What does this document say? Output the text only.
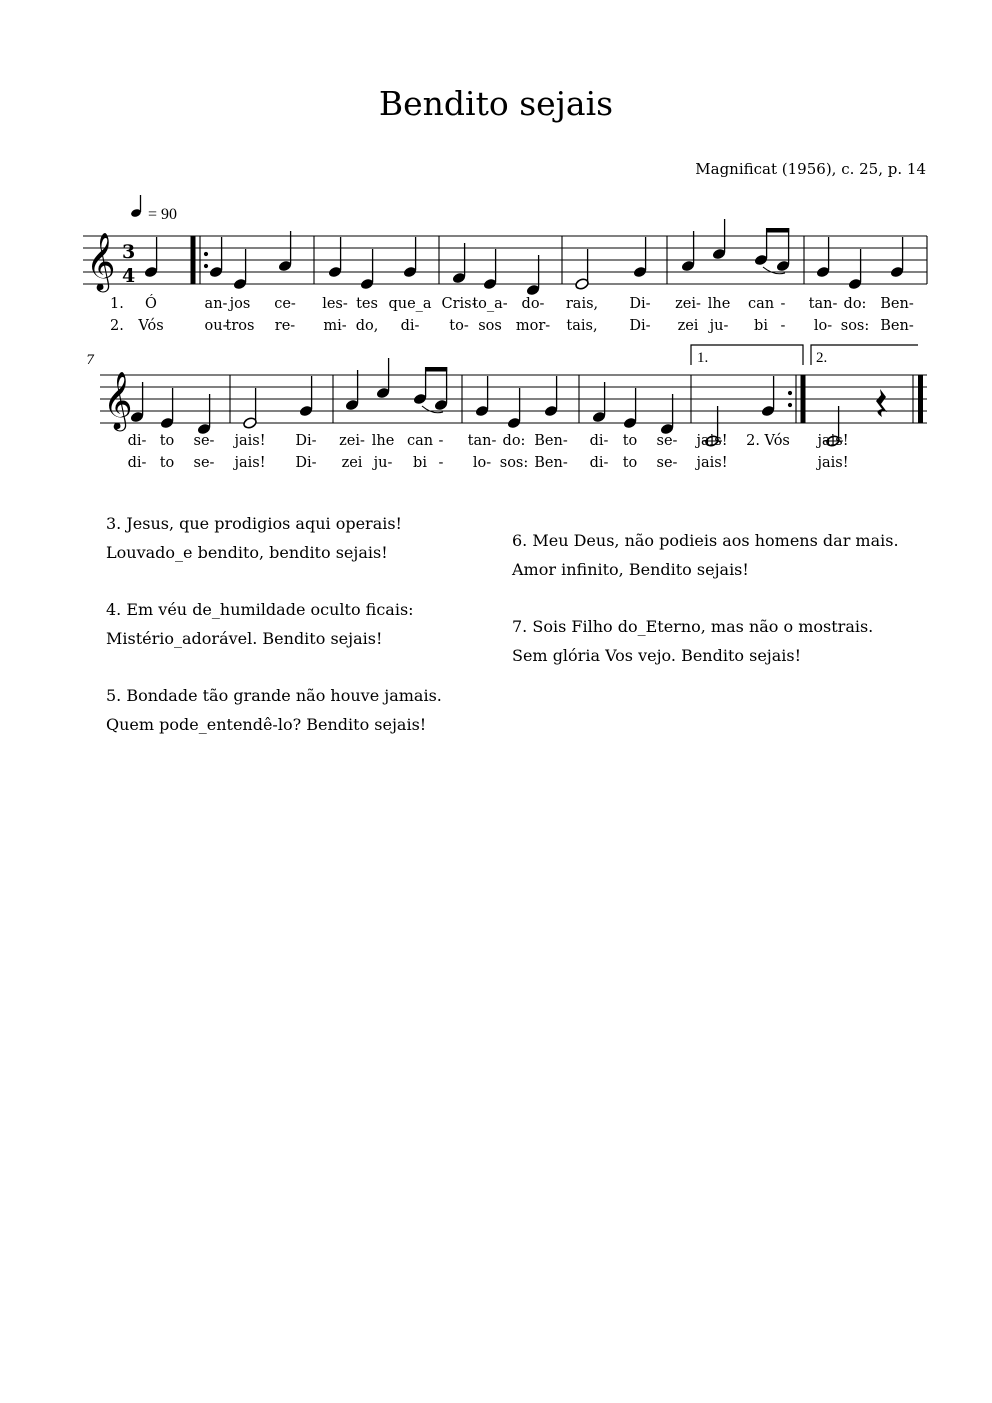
Bendito sejais
Magnificat (1956), c. 25, p. 14
= 90
𝄞
𝄞
3
4
7	1.	2.
1. Ó	an- jos ce- les- tes que_a Cris-
to_a- do- rais, Di- zei- lhe can - tan- do: Ben-
2. Vós	ou-
tros re- mi- do, di- to- sos mor- tais, Di- zei ju- bi - lo- sos: Ben-
di- to se- jais! Di- zei- lhe can - tan- do: Ben- di- to se- jais! 2. Vós jais!
di- to se- jais! Di- zei ju- bi - lo- sos: Ben- di- to se- jais!	jais!
3. Jesus, que prodigios aqui operais!
Louvado_e bendito, bendito sejais!
4. Em véu de_humildade oculto ficais:
Mistério_adorável. Bendito sejais!
5. Bondade tão grande não houve jamais.
Quem pode_entendê-lo? Bendito sejais!
6. Meu Deus, não podieis aos homens dar mais.
Amor infinito, Bendito sejais!
7. Sois Filho do_Eterno, mas não o mostrais.
Sem glória Vos vejo. Bendito sejais!
